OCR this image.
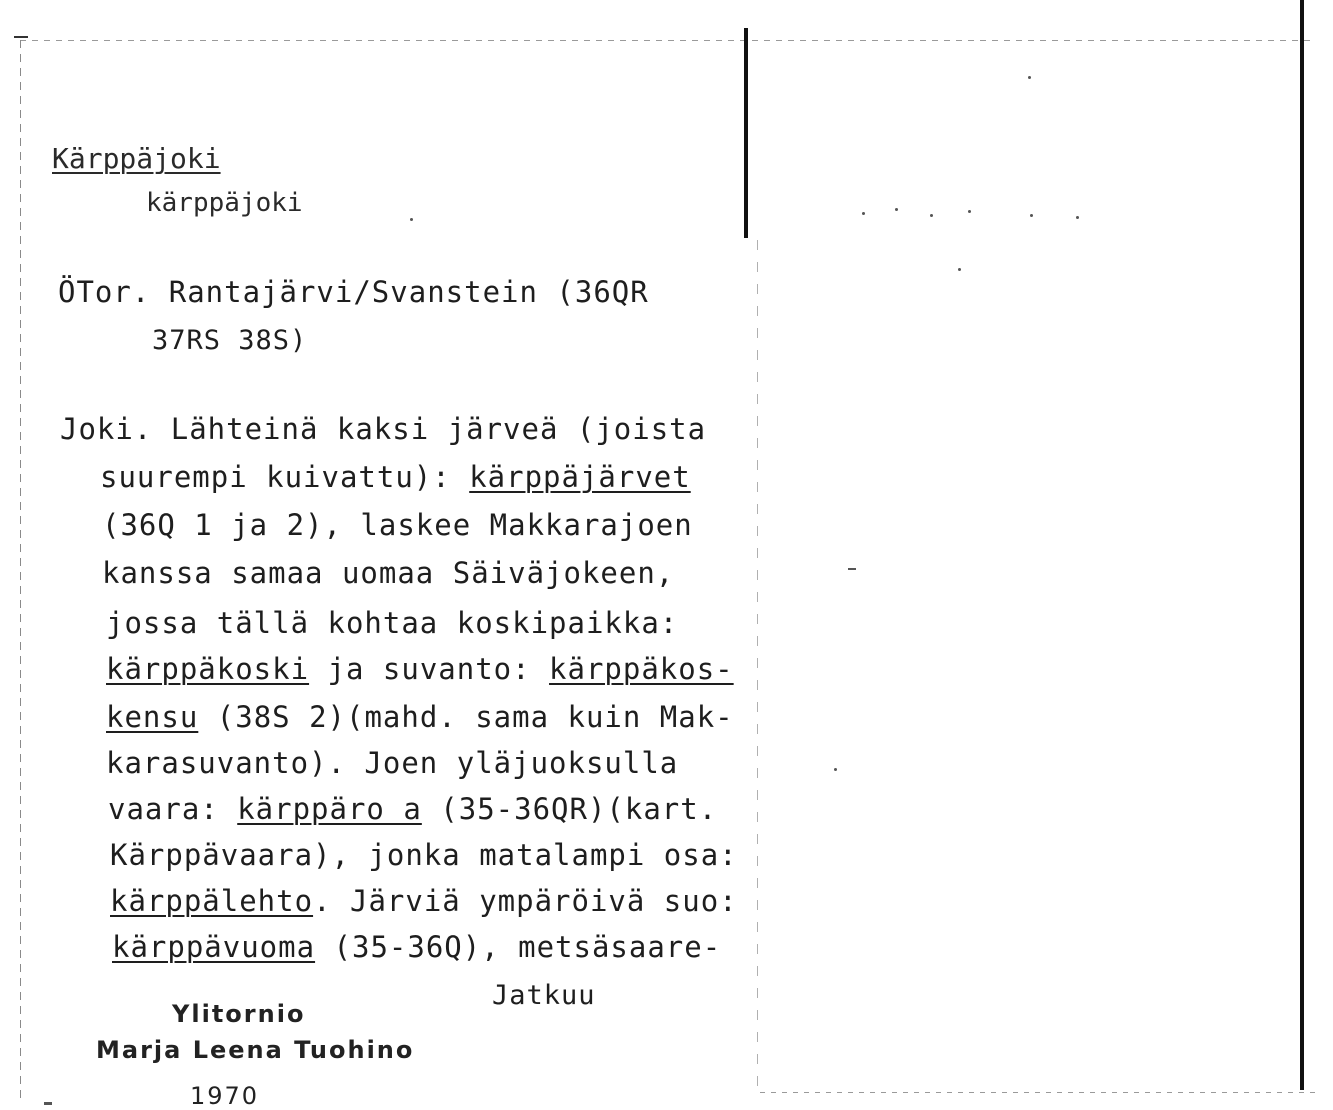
Kärppäjoki
kärppäjoki
ÖTor. Rantajärvi/Svanstein (36QR
37RS 38S)
Joki. Lähteinä kaksi järveä (joista
suurempi kuivattu): kärppäjärvet
(36Q 1 ja 2), laskee Makkarajoen
kanssa samaa uomaa Säiväjokeen,
jossa tällä kohtaa koskipaikka:
kärppäkoski ja suvanto: kärppäkos-
kensu (38S 2)(mahd. sama kuin Mak-
karasuvanto). Joen yläjuoksulla
vaara: kärppäro a (35-36QR)(kart.
Kärppävaara), jonka matalampi osa:
kärppälehto. Järviä ympäröivä suo:
kärppävuoma (35-36Q), metsäsaare-
Jatkuu
Ylitornio
Marja Leena Tuohino
1970
